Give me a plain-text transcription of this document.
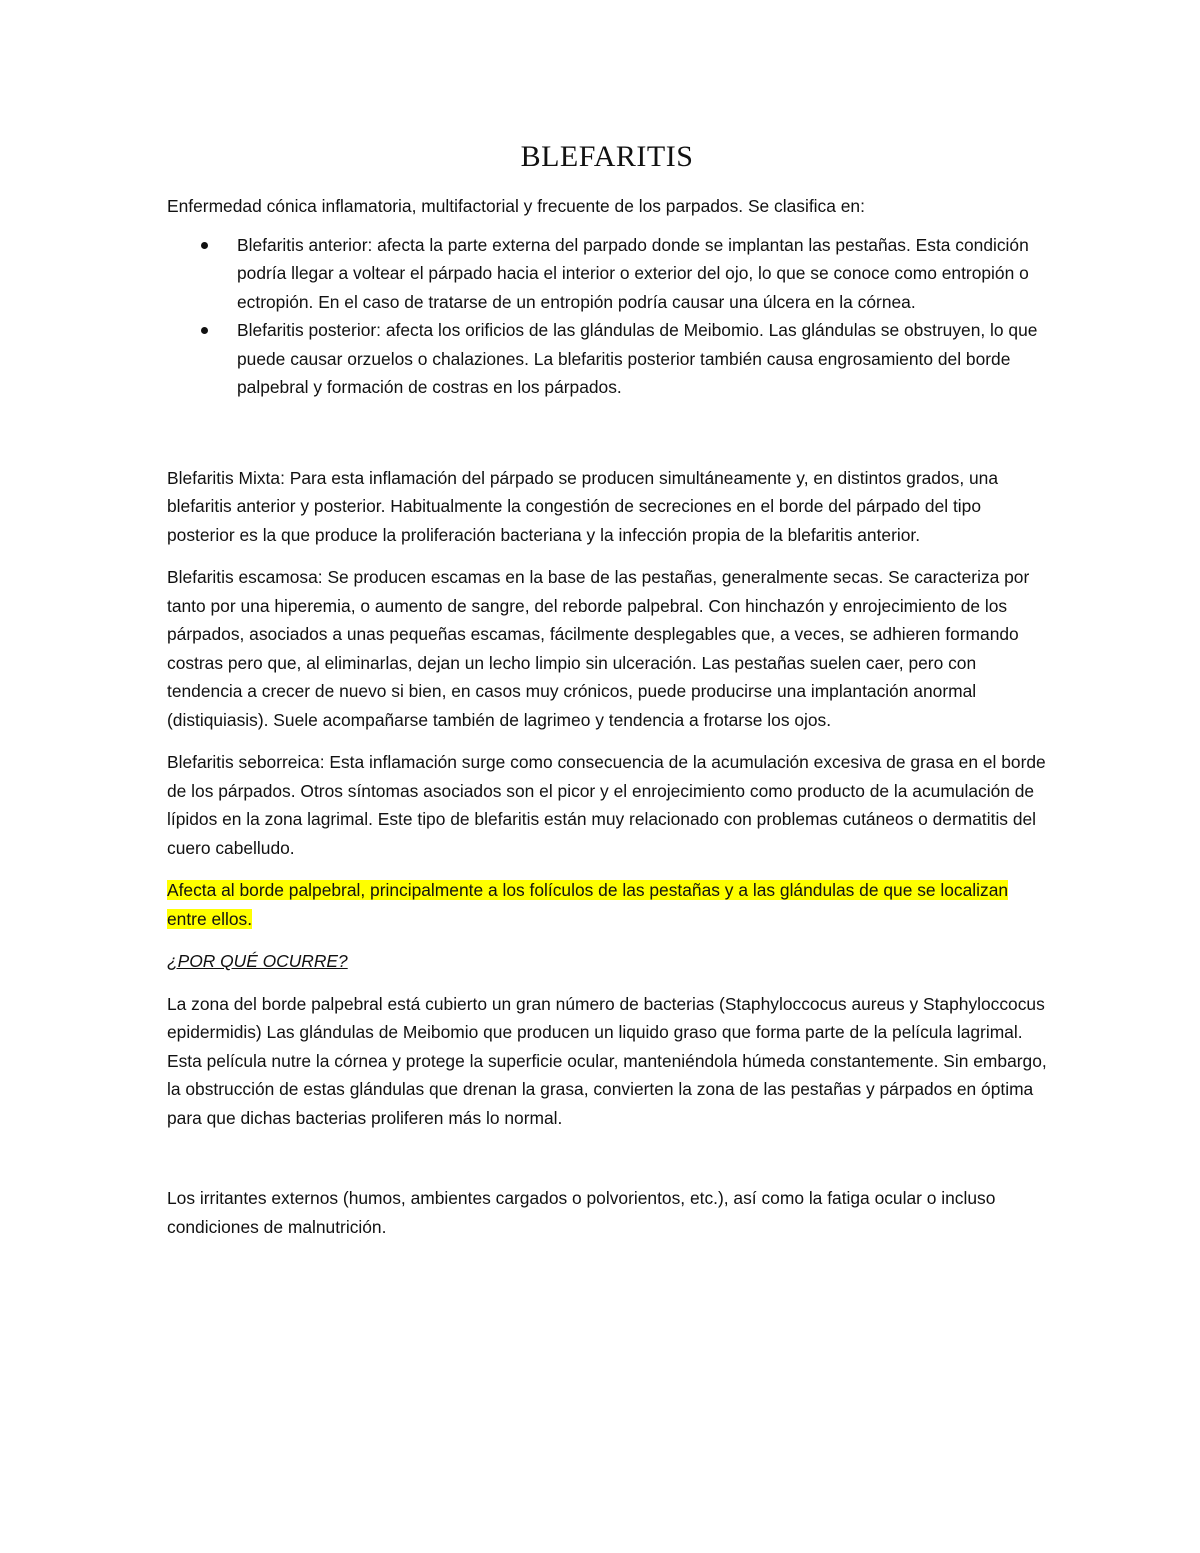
BLEFARITIS

Enfermedad cónica inflamatoria, multifactorial y frecuente de los parpados. Se clasifica en:

Blefaritis anterior: afecta la parte externa del parpado donde se implantan las pestañas. Esta condición podría llegar a voltear el párpado hacia el interior o exterior del ojo, lo que se conoce como entropión o ectropión. En el caso de tratarse de un entropión podría causar una úlcera en la córnea.
Blefaritis posterior: afecta los orificios de las glándulas de Meibomio. Las glándulas se obstruyen, lo que puede causar orzuelos o chalaziones. La blefaritis posterior también causa engrosamiento del borde palpebral y formación de costras en los párpados.

Blefaritis Mixta: Para esta inflamación del párpado se producen simultáneamente y, en distintos grados, una blefaritis anterior y posterior. Habitualmente la congestión de secreciones en el borde del párpado del tipo posterior es la que produce la proliferación bacteriana y la infección propia de la blefaritis anterior.

Blefaritis escamosa: Se producen escamas en la base de las pestañas, generalmente secas. Se caracteriza por tanto por una hiperemia, o aumento de sangre, del reborde palpebral. Con hinchazón y enrojecimiento de los párpados, asociados a unas pequeñas escamas, fácilmente desplegables que, a veces, se adhieren formando costras pero que, al eliminarlas, dejan un lecho limpio sin ulceración. Las pestañas suelen caer, pero con tendencia a crecer de nuevo si bien, en casos muy crónicos, puede producirse una implantación anormal (distiquiasis). Suele acompañarse también de lagrimeo y tendencia a frotarse los ojos.

Blefaritis seborreica: Esta inflamación surge como consecuencia de la acumulación excesiva de grasa en el borde de los párpados. Otros síntomas asociados son el picor y el enrojecimiento como producto de la acumulación de lípidos en la zona lagrimal. Este tipo de blefaritis están muy relacionado con problemas cutáneos o dermatitis del cuero cabelludo.

Afecta al borde palpebral, principalmente a los folículos de las pestañas y a las glándulas de que se localizan entre ellos.

¿POR QUÉ OCURRE?

La zona del borde palpebral está cubierto un gran número de bacterias (Staphyloccocus aureus y Staphyloccocus epidermidis) Las glándulas de Meibomio que producen un liquido graso que forma parte de la película lagrimal. Esta película nutre la córnea y protege la superficie ocular, manteniéndola húmeda constantemente. Sin embargo, la obstrucción de estas glándulas que drenan la grasa, convierten la zona de las pestañas y párpados en óptima para que dichas bacterias proliferen más lo normal.

Los irritantes externos (humos, ambientes cargados o polvorientos, etc.), así como la fatiga ocular o incluso condiciones de malnutrición.
